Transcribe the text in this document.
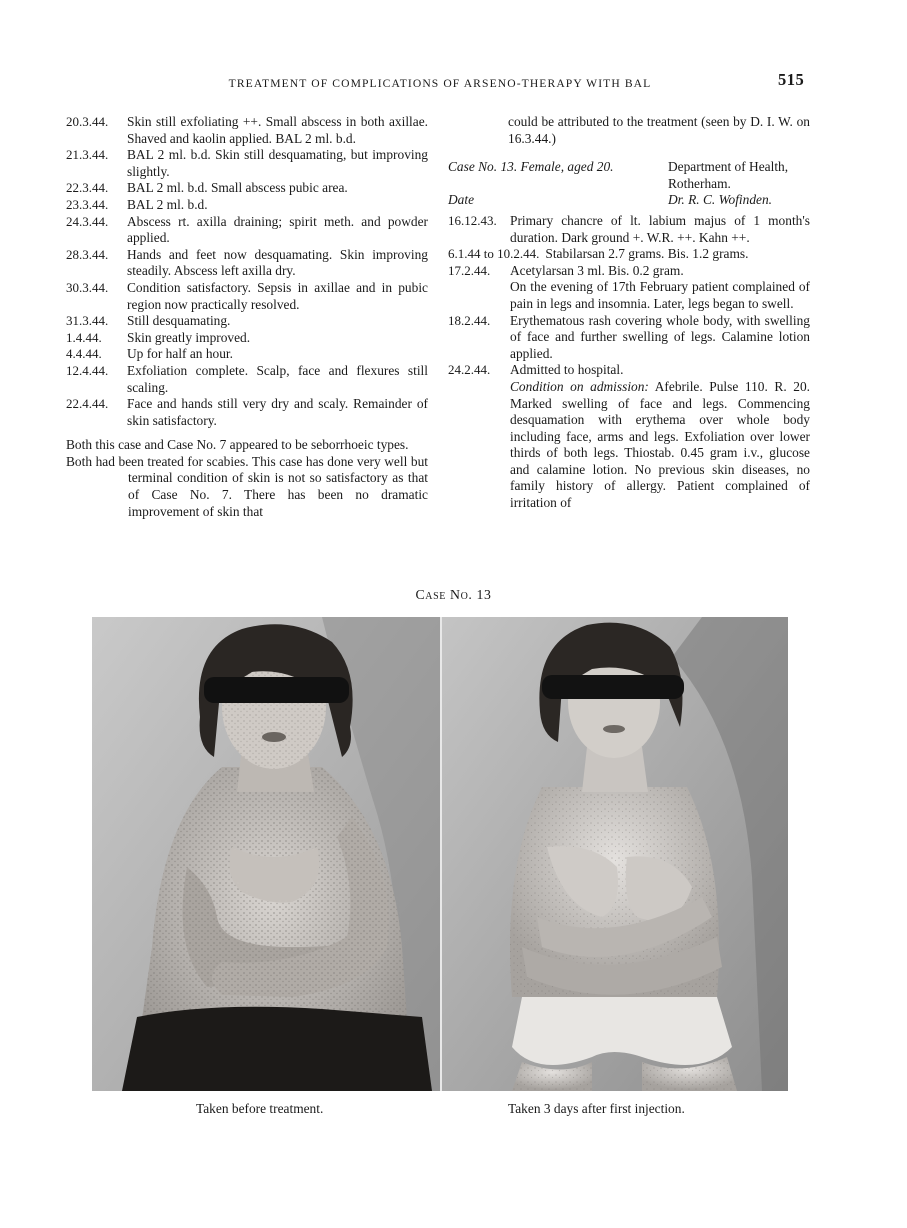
TREATMENT OF COMPLICATIONS OF ARSENO-THERAPY WITH BAL	515
20.3.44.	Skin still exfoliating ++. Small abscess in both axillae. Shaved and kaolin applied. BAL 2 ml. b.d.
21.3.44.	BAL 2 ml. b.d. Skin still desquamating, but improving slightly.
22.3.44.	BAL 2 ml. b.d. Small abscess pubic area.
23.3.44.	BAL 2 ml. b.d.
24.3.44.	Abscess rt. axilla draining; spirit meth. and powder applied.
28.3.44.	Hands and feet now desquamating. Skin improving steadily. Abscess left axilla dry.
30.3.44.	Condition satisfactory. Sepsis in axillae and in pubic region now practically resolved.
31.3.44.	Still desquamating.
1.4.44.	Skin greatly improved.
4.4.44.	Up for half an hour.
12.4.44.	Exfoliation complete. Scalp, face and flexures still scaling.
22.4.44.	Face and hands still very dry and scaly. Remainder of skin satisfactory.
Both this case and Case No. 7 appeared to be seborrhoeic types.
Both had been treated for scabies. This case has done very well but terminal condition of skin is not so satisfactory as that of Case No. 7. There has been no dramatic improvement of skin that
could be attributed to the treatment (seen by D. I. W. on 16.3.44.)
Case No. 13. Female, aged 20.	Department of Health,
Rotherham.
Date	Dr. R. C. Wofinden.
16.12.43. Primary chancre of lt. labium majus of 1 month's duration. Dark ground +. W.R. ++. Kahn ++.
6.1.44 to 10.2.44. Stabilarsan 2.7 grams. Bis. 1.2 grams.
17.2.44.	Acetylarsan 3 ml. Bis. 0.2 gram.
On the evening of 17th February patient complained of pain in legs and insomnia. Later, legs began to swell.
18.2.44.	Erythematous rash covering whole body, with swelling of face and further swelling of legs. Calamine lotion applied.
24.2.44.	Admitted to hospital.
Condition on admission: Afebrile. Pulse 110. R. 20. Marked swelling of face and legs. Commencing desquamation with erythema over whole body including face, arms and legs. Exfoliation over lower thirds of both legs. Thiostab. 0.45 gram i.v., glucose and calamine lotion. No previous skin diseases, no family history of allergy. Patient complained of irritation of
Case No. 13
Taken before treatment.	Taken 3 days after first injection.
